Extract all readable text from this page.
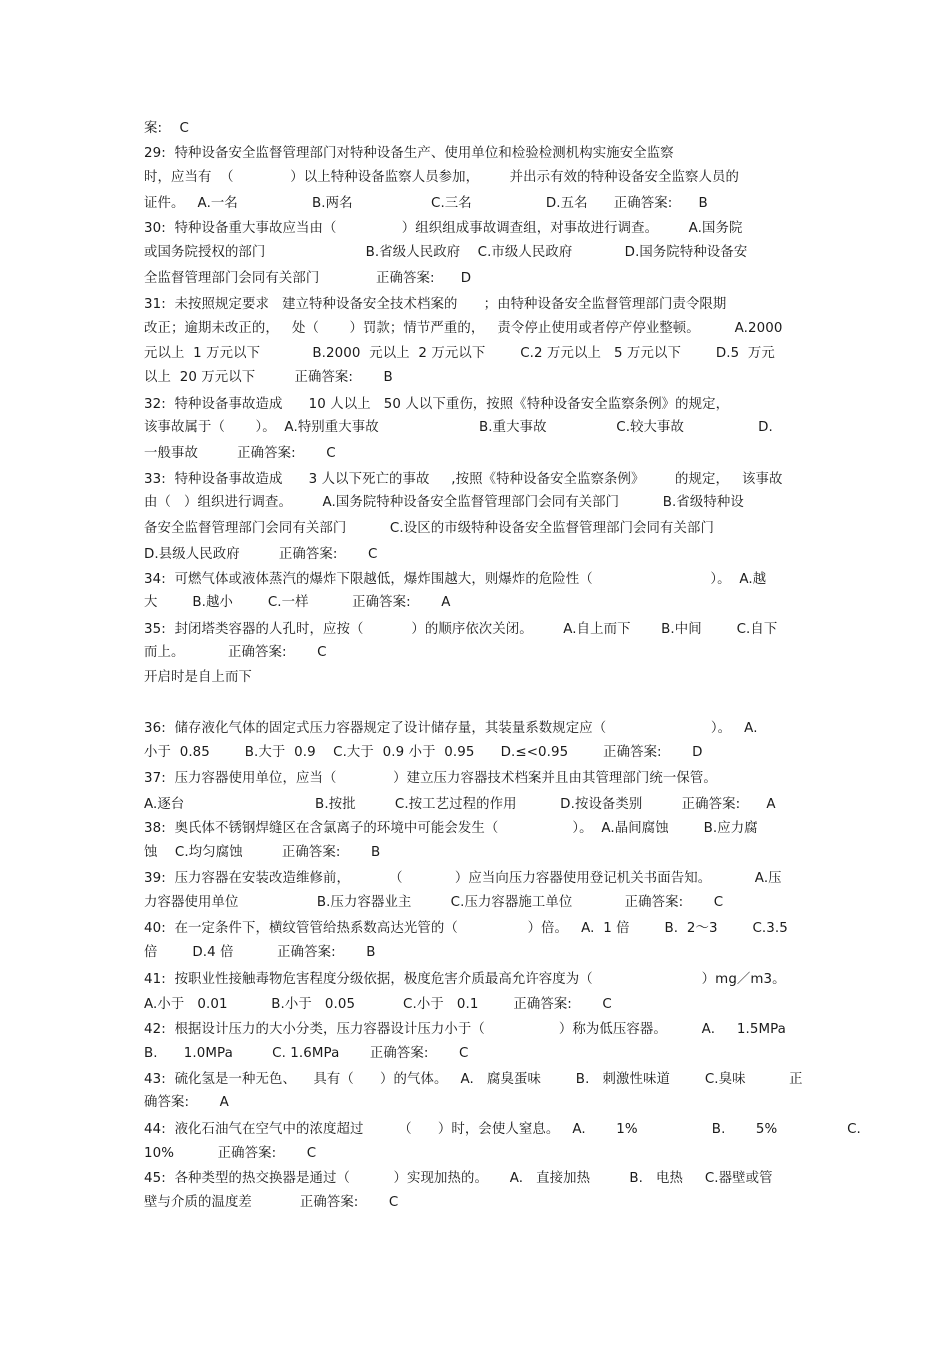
案:    C
29:  特种设备安全监督管理部门对特种设备生产、使用单位和检验检测机构实施安全监察
时，应当有  （             ）以上特种设备监察人员参加，       并出示有效的特种设备安全监察人员的
证件。   A.一名                 B.两名                  C.三名                 D.五名      正确答案:      B
30:  特种设备重大事故应当由（               ）组织组成事故调查组，对事故进行调查。       A.国务院
或国务院授权的部门                       B.省级人民政府    C.市级人民政府            D.国务院特种设备安
全监督管理部门会同有关部门             正确答案:      D
31:  未按照规定要求   建立特种设备安全技术档案的      ；由特种设备安全监督管理部门责令限期
改正；逾期未改正的，   处（       ）罚款；情节严重的，   责令停止使用或者停产停业整顿。        A.2000
元以上  1 万元以下            B.2000  元以上  2 万元以下        C.2 万元以上   5 万元以下        D.5  万元
以上  20 万元以下         正确答案:       B
32:  特种设备事故造成      10 人以上   50 人以下重伤，按照《特种设备安全监察条例》的规定，
该事故属于（       ）。  A.特别重大事故                       B.重大事故                C.较大事故                 D.
一般事故         正确答案:       C
33:  特种设备事故造成      3 人以下死亡的事故     ,按照《特种设备安全监察条例》       的规定，   该事故
由（   ）组织进行调查。       A.国务院特种设备安全监督管理部门会同有关部门          B.省级特种设
备安全监督管理部门会同有关部门          C.设区的市级特种设备安全监督管理部门会同有关部门
D.县级人民政府         正确答案:       C
34:  可燃气体或液体蒸汽的爆炸下限越低，爆炸围越大，则爆炸的危险性（                           ）。  A.越
大        B.越小        C.一样          正确答案:       A
35:  封闭塔类容器的人孔时，应按（           ）的顺序依次关闭。       A.自上而下       B.中间        C.自下
而上。          正确答案:       C
开启时是自上而下
36:  储存液化气体的固定式压力容器规定了设计储存量，其装量系数规定应（                        ）。   A.
小于  0.85        B.大于  0.9    C.大于  0.9 小于  0.95      D.≤<0.95        正确答案:       D
37:  压力容器使用单位，应当（             ）建立压力容器技术档案并且由其管理部门统一保管。
A.逐台                              B.按批         C.按工艺过程的作用          D.按设备类别         正确答案:      A
38:  奥氏体不锈钢焊缝区在含氯离子的环境中可能会发生（                 ）。  A.晶间腐蚀        B.应力腐
蚀    C.均匀腐蚀         正确答案:       B
39:  压力容器在安装改造维修前，         （            ）应当向压力容器使用登记机关书面告知。          A.压
力容器使用单位                  B.压力容器业主         C.压力容器施工单位            正确答案:       C
40:  在一定条件下，横纹管管给热系数高达光管的（                ）倍。   A.  1 倍        B.  2～3        C.3.5
倍        D.4 倍          正确答案:       B
41:  按职业性接触毒物危害程度分级依据，极度危害介质最高允许容度为（                         ）mg／m3。
A.小于   0.01          B.小于   0.05           C.小于   0.1        正确答案:       C
42:  根据设计压力的大小分类，压力容器设计压力小于（                 ）称为低压容器。        A.     1.5MPa
B.      1.0MPa         C. 1.6MPa       正确答案:       C
43:  硫化氢是一种无色、    具有（      ）的气体。   A.   腐臭蛋味        B.   刺激性味道        C.臭味          正
确答案:       A
44:  液化石油气在空气中的浓度超过        （      ）时，会使人窒息。   A.       1%                 B.       5%                C.
10%          正确答案:       C
45:  各种类型的热交换器是通过（          ）实现加热的。     A.   直接加热         B.   电热     C.器壁或管
壁与介质的温度差           正确答案:       C
